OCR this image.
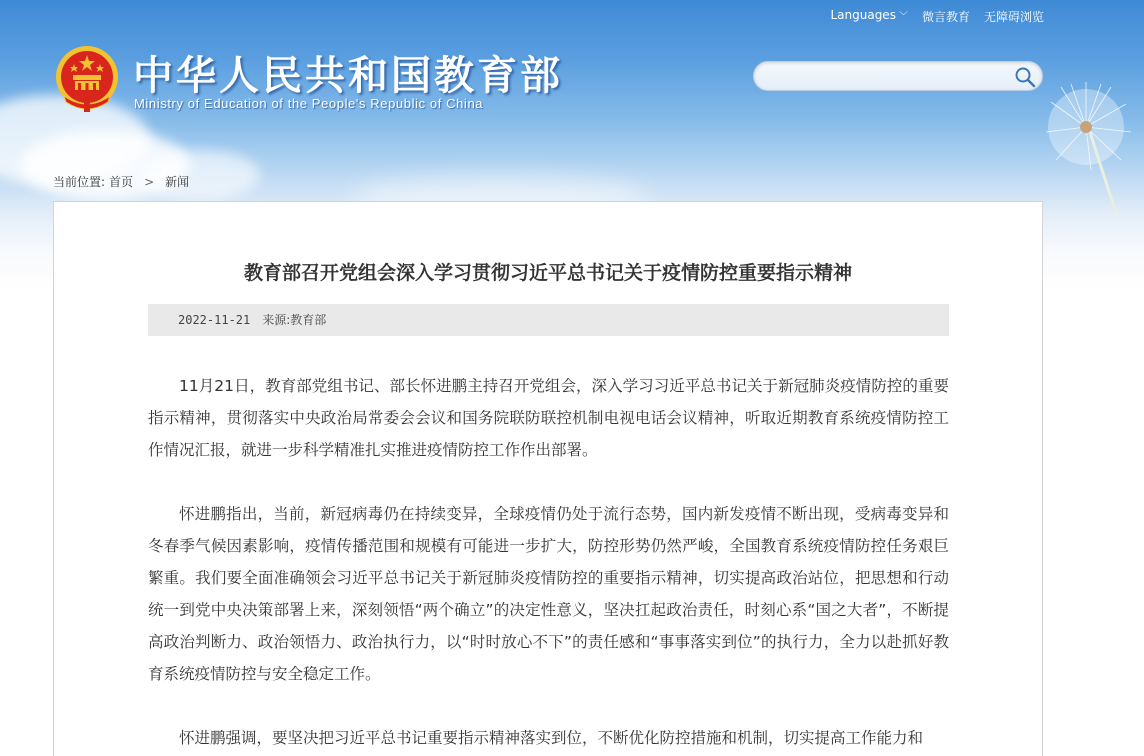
Languages ﹀ 微言教育 无障碍浏览
中华人民共和国教育部
Ministry of Education of the People's Republic of China
当前位置: 首页 > 新闻
教育部召开党组会深入学习贯彻习近平总书记关于疫情防控重要指示精神
2022-11-21 来源:教育部

11月21日，教育部党组书记、部长怀进鹏主持召开党组会，深入学习习近平总书记关于新冠肺炎疫情防控的重要指示精神，贯彻落实中央政治局常委会会议和国务院联防联控机制电视电话会议精神，听取近期教育系统疫情防控工作情况汇报，就进一步科学精准扎实推进疫情防控工作作出部署。

怀进鹏指出，当前，新冠病毒仍在持续变异，全球疫情仍处于流行态势，国内新发疫情不断出现，受病毒变异和冬春季气候因素影响，疫情传播范围和规模有可能进一步扩大，防控形势仍然严峻，全国教育系统疫情防控任务艰巨繁重。我们要全面准确领会习近平总书记关于新冠肺炎疫情防控的重要指示精神，切实提高政治站位，把思想和行动统一到党中央决策部署上来，深刻领悟“两个确立”的决定性意义，坚决扛起政治责任，时刻心系“国之大者”，不断提高政治判断力、政治领悟力、政治执行力，以“时时放心不下”的责任感和“事事落实到位”的执行力，全力以赴抓好教育系统疫情防控与安全稳定工作。

怀进鹏强调，要坚决把习近平总书记重要指示精神落实到位，不断优化防控措施和机制，切实提高工作能力和
